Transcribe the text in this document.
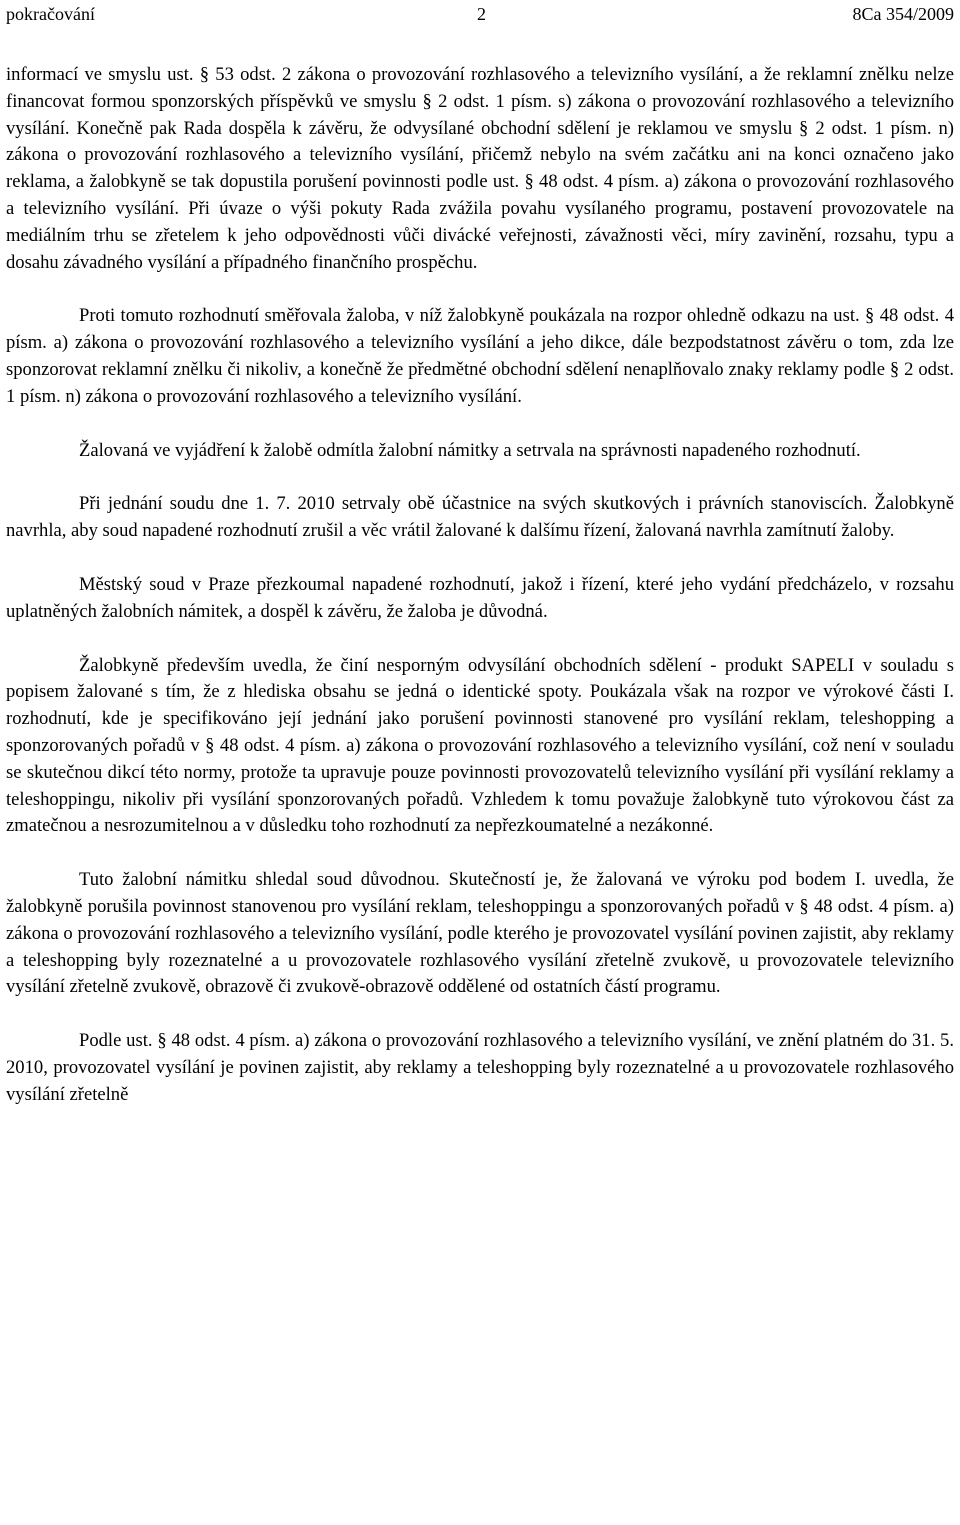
pokračování	2	8Ca 354/2009

informací ve smyslu ust. § 53 odst. 2 zákona o provozování rozhlasového a televizního vysílání, a že reklamní znělku nelze financovat formou sponzorských příspěvků ve smyslu § 2 odst. 1 písm. s) zákona o provozování rozhlasového a televizního vysílání. Konečně pak Rada dospěla k závěru, že odvysílané obchodní sdělení je reklamou ve smyslu § 2 odst. 1 písm. n) zákona o provozování rozhlasového a televizního vysílání, přičemž nebylo na svém začátku ani na konci označeno jako reklama, a žalobkyně se tak dopustila porušení povinnosti podle ust. § 48 odst. 4 písm. a) zákona o provozování rozhlasového a televizního vysílání. Při úvaze o výši pokuty Rada zvážila povahu vysílaného programu, postavení provozovatele na mediálním trhu se zřetelem k jeho odpovědnosti vůči divácké veřejnosti, závažnosti věci, míry zavinění, rozsahu, typu a dosahu závadného vysílání a případného finančního prospěchu.

Proti tomuto rozhodnutí směřovala žaloba, v níž žalobkyně poukázala na rozpor ohledně odkazu na ust. § 48 odst. 4 písm. a) zákona o provozování rozhlasového a televizního vysílání a jeho dikce, dále bezpodstatnost závěru o tom, zda lze sponzorovat reklamní znělku či nikoliv, a konečně že předmětné obchodní sdělení nenaplňovalo znaky reklamy podle § 2 odst. 1 písm. n) zákona o provozování rozhlasového a televizního vysílání.

Žalovaná ve vyjádření k žalobě odmítla žalobní námitky a setrvala na správnosti napadeného rozhodnutí.

Při jednání soudu dne 1. 7. 2010 setrvaly obě účastnice na svých skutkových i právních stanoviscích. Žalobkyně navrhla, aby soud napadené rozhodnutí zrušil a věc vrátil žalované k dalšímu řízení, žalovaná navrhla zamítnutí žaloby.

Městský soud v Praze přezkoumal napadené rozhodnutí, jakož i řízení, které jeho vydání předcházelo, v rozsahu uplatněných žalobních námitek, a dospěl k závěru, že žaloba je důvodná.

Žalobkyně především uvedla, že činí nesporným odvysílání obchodních sdělení - produkt SAPELI v souladu s popisem žalované s tím, že z hlediska obsahu se jedná o identické spoty. Poukázala však na rozpor ve výrokové části I. rozhodnutí, kde je specifikováno její jednání jako porušení povinnosti stanovené pro vysílání reklam, teleshopping a sponzorovaných pořadů v § 48 odst. 4 písm. a) zákona o provozování rozhlasového a televizního vysílání, což není v souladu se skutečnou dikcí této normy, protože ta upravuje pouze povinnosti provozovatelů televizního vysílání při vysílání reklamy a teleshoppingu, nikoliv při vysílání sponzorovaných pořadů. Vzhledem k tomu považuje žalobkyně tuto výrokovou část za zmatečnou a nesrozumitelnou a v důsledku toho rozhodnutí za nepřezkoumatelné a nezákonné.

Tuto žalobní námitku shledal soud důvodnou. Skutečností je, že žalovaná ve výroku pod bodem I. uvedla, že žalobkyně porušila povinnost stanovenou pro vysílání reklam, teleshoppingu a sponzorovaných pořadů v § 48 odst. 4 písm. a) zákona o provozování rozhlasového a televizního vysílání, podle kterého je provozovatel vysílání povinen zajistit, aby reklamy a teleshopping byly rozeznatelné a u provozovatele rozhlasového vysílání zřetelně zvukově, u provozovatele televizního vysílání zřetelně zvukově, obrazově či zvukově-obrazově oddělené od ostatních částí programu.

Podle ust. § 48 odst. 4 písm. a) zákona o provozování rozhlasového a televizního vysílání, ve znění platném do 31. 5. 2010, provozovatel vysílání je povinen zajistit, aby reklamy a teleshopping byly rozeznatelné a u provozovatele rozhlasového vysílání zřetelně
